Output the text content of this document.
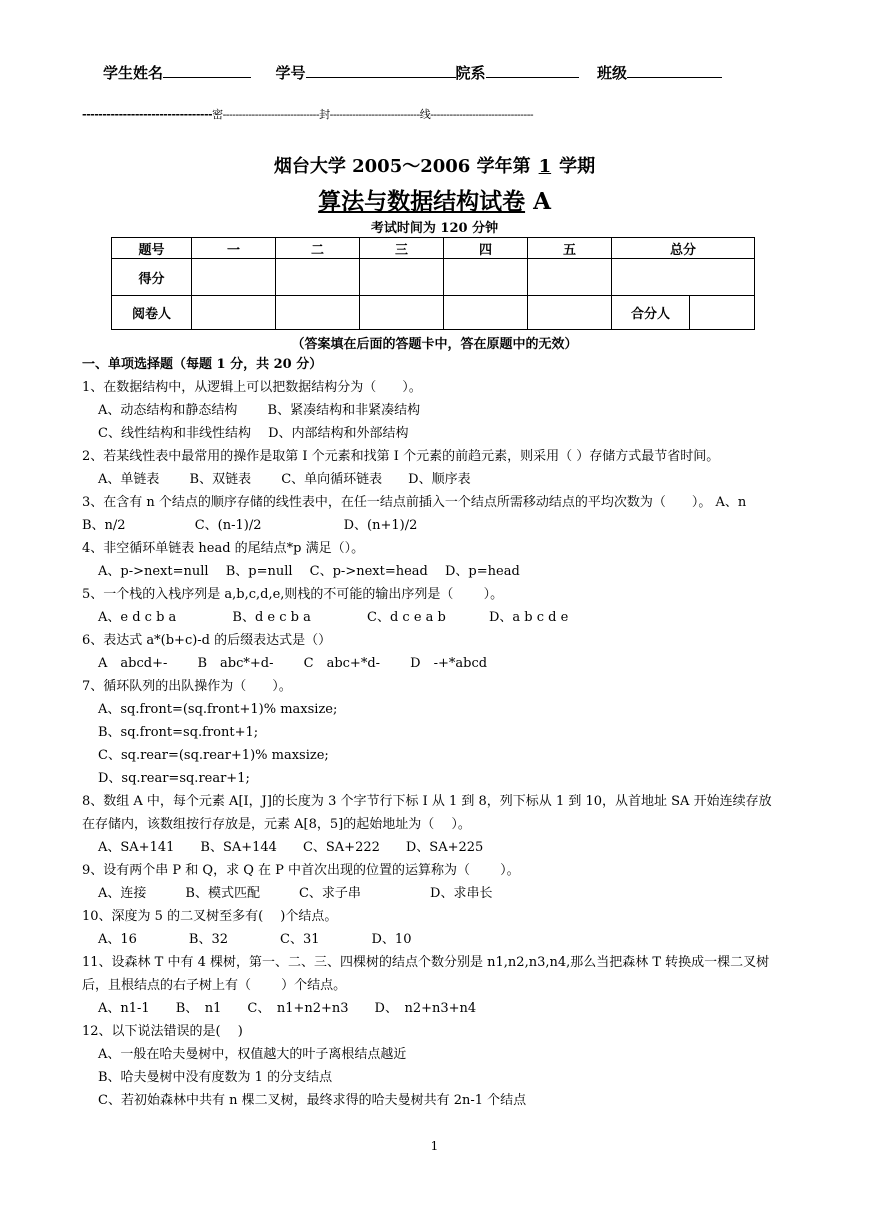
学生姓名	学号	院系	班级
--------------------------------密------------------------------封----------------------------线--------------------------------
烟台大学 2005～2006 学年第 1 学期
算法与数据结构试卷 A
考试时间为 120 分钟
题号	一	二	三	四	五	总分	
得分							
阅卷人						合分人	
（答案填在后面的答题卡中，答在原题中的无效）
一、单项选择题（每题 1 分，共 20 分）
1、在数据结构中，从逻辑上可以把数据结构分为（　　）。
A、动态结构和静态结构　　 B、紧凑结构和非紧凑结构
C、线性结构和非线性结构　 D、内部结构和外部结构
2、若某线性表中最常用的操作是取第 I 个元素和找第 I 个元素的前趋元素，则采用（ ）存储方式最节省时间。
A、单链表　　 B、双链表　　 C、单向循环链表　　D、顺序表
3、在含有 n 个结点的顺序存储的线性表中，在任一结点前插入一个结点所需移动结点的平均次数为（　　）。 A、n　　　　　　B、n/2　　　　　 C、(n-1)/2　　　　　　 D、(n+1)/2
4、非空循环单链表 head 的尾结点*p 满足（）。
A、p->next=null　 B、p=null　 C、p->next=head　 D、p=head
5、一个栈的入栈序列是 a,b,c,d,e,则栈的不可能的输出序列是（　　 ）。
A、e d c b a　　　　 B、d e c b a　　　　 C、d c e a b　　　 D、a b c d e
6、表达式 a*(b+c)-d 的后缀表达式是（）
A　abcd+-　　 B　abc*+d-　　 C　abc+*d-　　 D　-+*abcd
7、循环队列的出队操作为（　　）。
A、sq.front=(sq.front+1)% maxsize;
B、sq.front=sq.front+1;
C、sq.rear=(sq.rear+1)% maxsize;
D、sq.rear=sq.rear+1;
8、数组 A 中，每个元素 A[I，J]的长度为 3 个字节行下标 I 从 1 到 8，列下标从 1 到 10，从首地址 SA 开始连续存放在存储内，该数组按行存放是，元素 A[8，5]的起始地址为（　 ）。
A、SA+141　　B、SA+144　　C、SA+222　　D、SA+225
9、设有两个串 P 和 Q，求 Q 在 P 中首次出现的位置的运算称为（　　 ）。
A、连接　　　B、模式匹配　　　C、求子串　　　　　 D、求串长
10、深度为 5 的二叉树至多有(　 )个结点。
A、16　　　　B、32　　　　C、31　　　　D、10
11、设森林 T 中有 4 棵树，第一、二、三、四棵树的结点个数分别是 n1,n2,n3,n4,那么当把森林 T 转换成一棵二叉树后，且根结点的右子树上有（　　 ）个结点。
A、n1-1　　B、　n1　　C、　n1+n2+n3　　D、　n2+n3+n4
12、以下说法错误的是(　 )
A、一般在哈夫曼树中，权值越大的叶子离根结点越近
B、哈夫曼树中没有度数为 1 的分支结点
C、若初始森林中共有 n 棵二叉树，最终求得的哈夫曼树共有 2n-1 个结点
1
